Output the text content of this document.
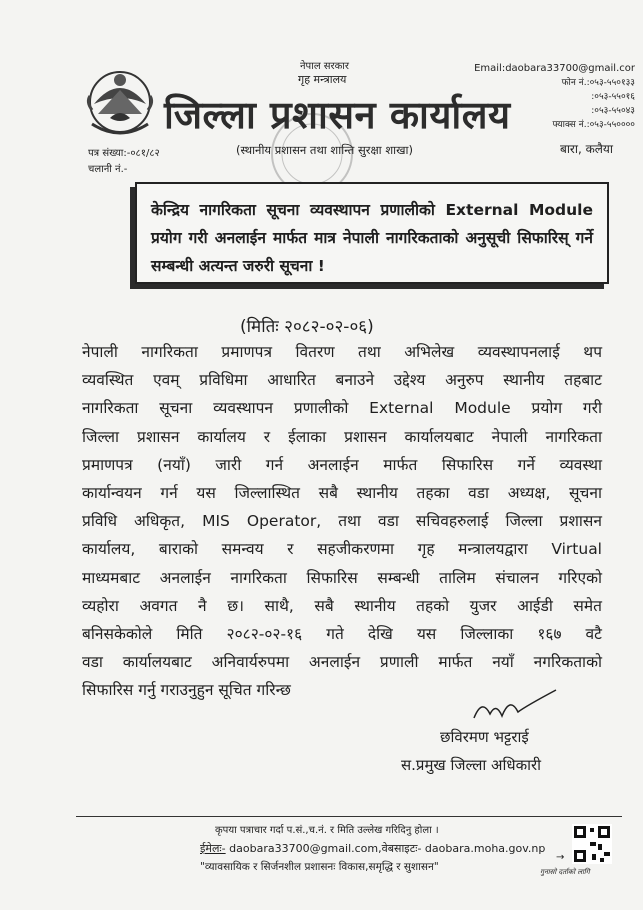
नेपाल सरकार
गृह मन्त्रालय
जिल्ला प्रशासन कार्यालय
Email:daobara33700@gmail.cor
फोन नं.:०५३-५५०१३३
:०५३-५५०१६
:०५३-५५०४३
फ्याक्स नं.:०५३-५५००००
पत्र संख्या:-०८१/८२
चलानी नं.-
(स्थानीय प्रशासन तथा शान्ति सुरक्षा शाखा)	बारा, कलैया
केन्द्रिय नागरिकता सूचना व्यवस्थापन प्रणालीको External Module प्रयोग गरी अनलाईन मार्फत मात्र नेपाली नागरिकताको अनुसूची सिफारिस् गर्ने सम्बन्धी अत्यन्त जरुरी सूचना !
(मितिः २०८२-०२-०६)
नेपाली नागरिकता प्रमाणपत्र वितरण तथा अभिलेख व्यवस्थापनलाई थप
व्यवस्थित एवम् प्रविधिमा आधारित बनाउने उद्देश्य अनुरुप स्थानीय तहबाट
नागरिकता सूचना व्यवस्थापन प्रणालीको External Module प्रयोग गरी
जिल्ला प्रशासन कार्यालय र ईलाका प्रशासन कार्यालयबाट नेपाली नागरिकता
प्रमाणपत्र (नयाँ) जारी गर्न अनलाईन मार्फत सिफारिस गर्ने व्यवस्था
कार्यान्वयन गर्न यस जिल्लास्थित सबै स्थानीय तहका वडा अध्यक्ष, सूचना
प्रविधि अधिकृत, MIS Operator, तथा वडा सचिवहरुलाई जिल्ला प्रशासन
कार्यालय, बाराको समन्वय र सहजीकरणमा गृह मन्त्रालयद्वारा Virtual
माध्यमबाट अनलाईन नागरिकता सिफारिस सम्बन्धी तालिम संचालन गरिएको
व्यहोरा अवगत नै छ। साथै, सबै स्थानीय तहको युजर आईडी समेत
बनिसकेकोले मिति २०८२-०२-१६ गते देखि यस जिल्लाका १६७ वटै
वडा कार्यालयबाट अनिवार्यरुपमा अनलाईन प्रणाली मार्फत नयाँ नगरिकताको
सिफारिस गर्नु गराउनुहुन सूचित गरिन्छ
छविरमण भट्टराई
स.प्रमुख जिल्ला अधिकारी
कृपया पत्राचार गर्दा प.सं.,च.नं. र मिति उल्लेख गरिदिनु होला ।
ईमेलः- daobara33700@gmail.com,वेबसाइटः- daobara.moha.gov.np
"व्यावसायिक र सिर्जनशील प्रशासनः विकास,समृद्धि र सुशासन"
→
गुनासो दर्ताको लागि
